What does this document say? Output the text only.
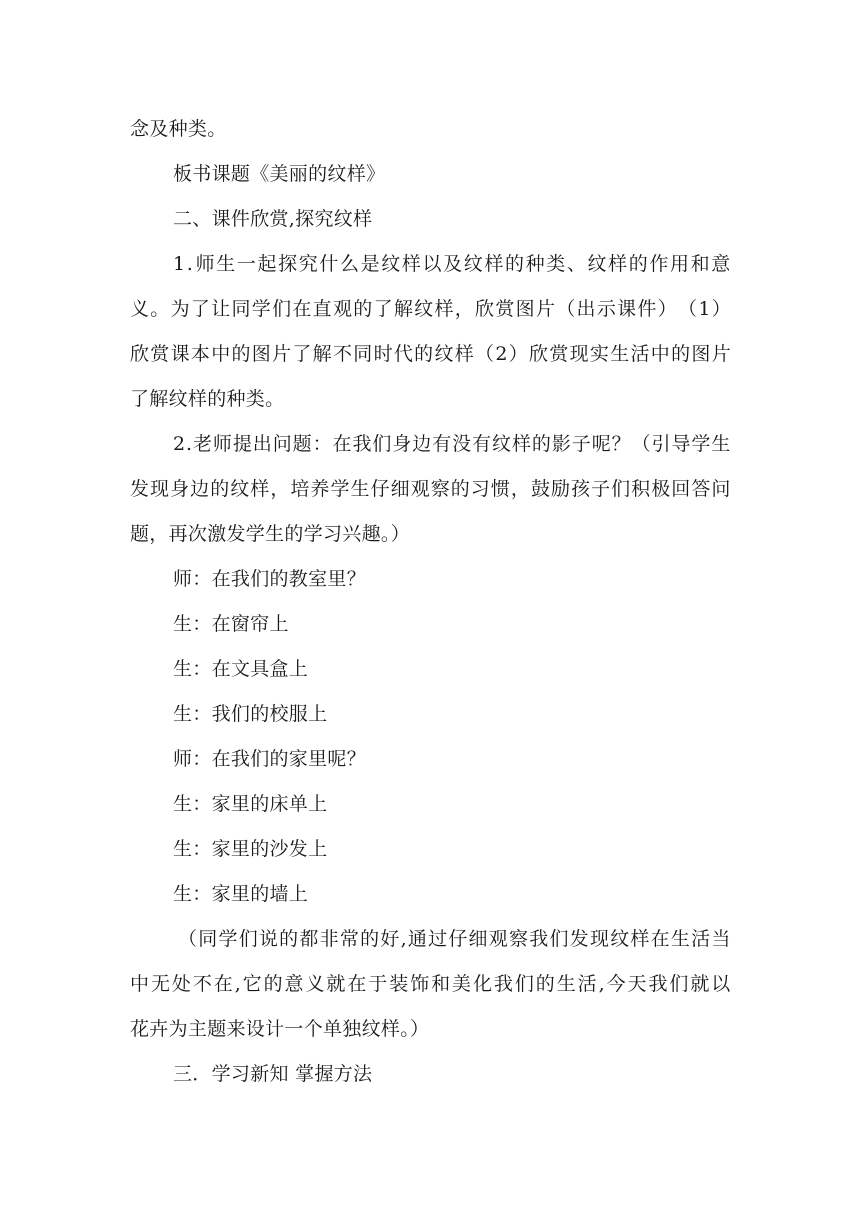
念及种类。
板书课题《美丽的纹样》
二、课件欣赏,探究纹样
1 . 师 生 一 起 探 究 什 么 是 纹 样 以 及 纹 样 的 种 类 、 纹 样 的 作 用 和 意
义 。 为 了 让 同 学 们 在 直 观 的 了 解 纹 样 ， 欣 赏 图 片 （ 出 示 课 件 ） （ 1 ）
欣 赏 课 本 中 的 图 片 了 解 不 同 时 代 的 纹 样 （ 2 ） 欣 赏 现 实 生 活 中 的 图 片
了解纹样的种类。
2 . 老 师 提 出 问 题 ： 在 我 们 身 边 有 没 有 纹 样 的 影 子 呢 ？ （ 引 导 学 生
发 现 身 边 的 纹 样 ， 培 养 学 生 仔 细 观 察 的 习 惯 ， 鼓 励 孩 子 们 积 极 回 答 问
题，再次激发学生的学习兴趣。）
师：在我们的教室里？
生：在窗帘上
生：在文具盒上
生：我们的校服上
师：在我们的家里呢？
生：家里的床单上
生：家里的沙发上
生：家里的墙上
（ 同 学 们 说 的 都 非 常 的 好 , 通 过 仔 细 观 察 我 们 发 现 纹 样 在 生 活 当
中 无 处 不 在 , 它 的 意 义 就 在 于 装 饰 和 美 化 我 们 的 生 活 , 今 天 我 们 就 以
花卉为主题来设计一个单独纹样。）
三．学习新知 掌握方法
